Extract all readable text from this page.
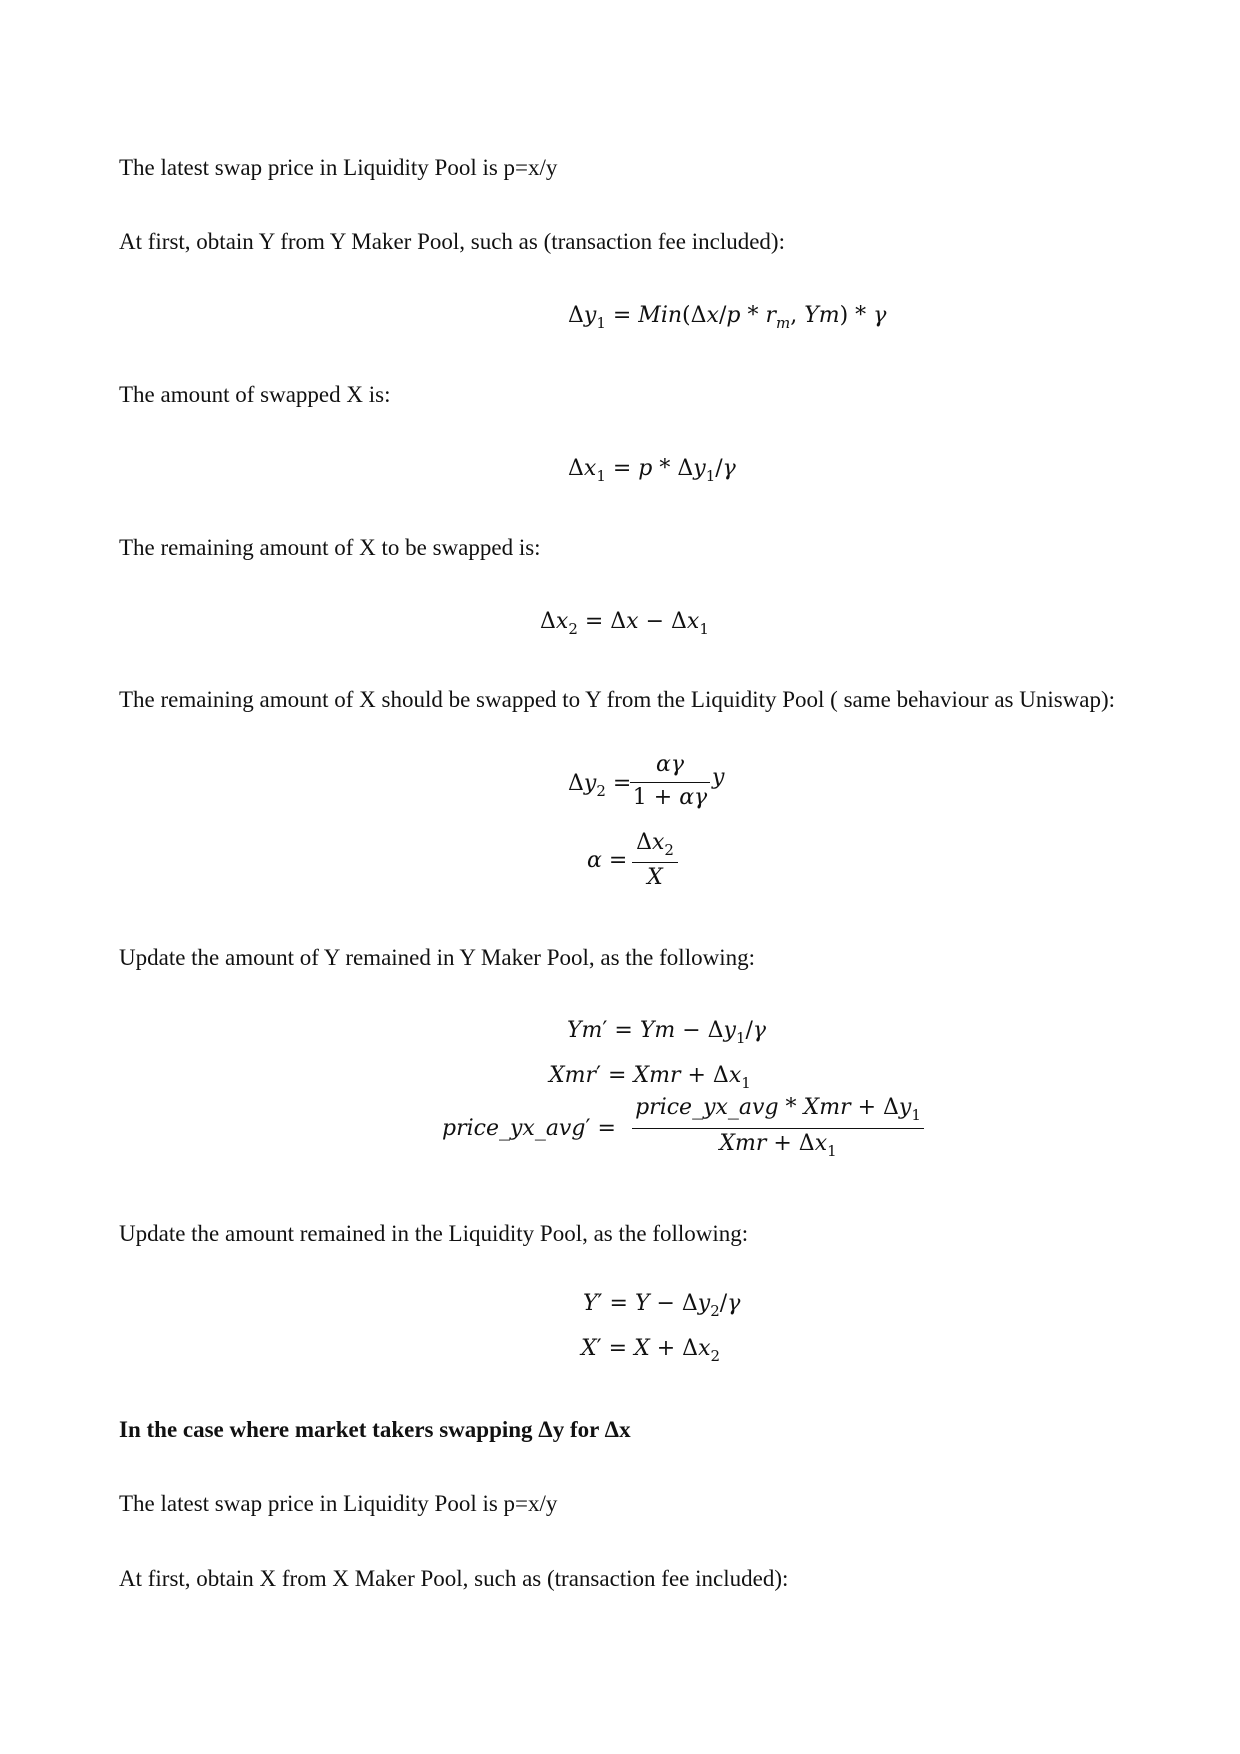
The latest swap price in Liquidity Pool is p=x/y
At first, obtain Y from Y Maker Pool, such as (transaction fee included):
The amount of swapped X is:
The remaining amount of X to be swapped is:
The remaining amount of X should be swapped to Y from the Liquidity Pool ( same behaviour as Uniswap):
Update the amount of Y remained in Y Maker Pool, as the following:
Update the amount remained in the Liquidity Pool, as the following:
In the case where market takers swapping Δy for Δx
The latest swap price in Liquidity Pool is p=x/y
At first, obtain X from X Maker Pool, such as (transaction fee included):
$\Delta y_1 = Min(\Delta x/p * r_m$, Ym) * γ
$\Delta x_1 = p * \Delta y_1/\gamma$
$\Delta x_2 = \Delta x - \Delta x_1$
$\Delta y_2$ =
αγ
1 + αγ
y
α =
$\Delta x_2$
X
$Ym' = Ym - \Delta y_1/\gamma$
Xmr′ = Xmr + $\Delta x_1$
price_yx_avg′ =
price_yx_avg * Xmr + $\Delta y_1$
Xmr + $\Delta x_1$
$Y' = Y - \Delta y_2/\gamma$
$X' = X + \Delta x_2$
